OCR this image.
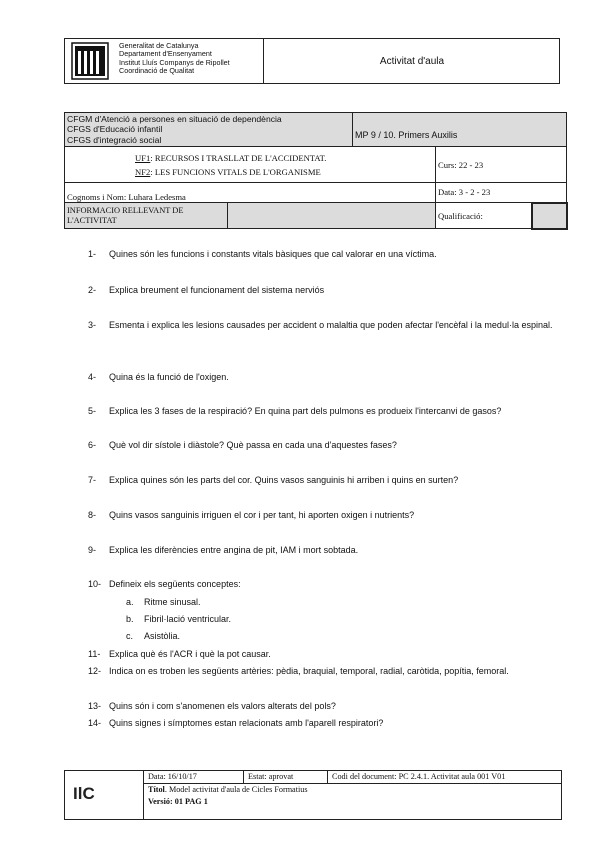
Generalitat de Catalunya
Departament d'Ensenyament
Institut Lluís Companys de Ripollet
Coordinació de Qualitat
Activitat d'aula
CFGM d'Atenció a persones en situació de dependència
CFGS d'Educació infantil
CFGS d'integració social		MP 9 / 10. Primers Auxilis		

UF1: RECURSOS I TRASLLAT DE L'ACCIDENTAT.
NF2: LES FUNCIONS VITALS DE L'ORGANISME			Curs: 22 - 23	
Cognoms i Nom: Luhara Ledesma			Data: 3 - 2 - 23	
INFORMACIO RELLEVANT DE L'ACTIVITAT			Qualificació:	
1- Quines són les funcions i constants vitals bàsiques que cal valorar en una víctima.
2- Explica breument el funcionament del sistema nerviós
3-	Esmenta i explica les lesions causades per accident o malaltia que poden afectar l'encèfal i la medul·la espinal.
4- Quina és la funció de l'oxigen.
5- Explica les 3 fases de la respiració? En quina part dels pulmons es produeix l'intercanvi de gasos?
6- Què vol dir sístole i diàstole? Què passa en cada una d'aquestes fases?
7- Explica quines són les parts del cor. Quins vasos sanguinis hi arriben i quins en surten?
8- Quins vasos sanguinis irriguen el cor i per tant, hi aporten oxigen i nutrients?
9- Explica les diferències entre angina de pit, IAM i mort sobtada.
10- Defineix els següents conceptes:
a. Ritme sinusal.
b. Fibril·lació ventricular.
c. Asistòlia.
11- Explica què és l'ACR i què la pot causar.
12- Indica on es troben les següents artèries: pèdia, braquial, temporal, radial, caròtida, popítia, femoral.
13- Quins són i com s'anomenen els valors alterats del pols?
14- Quins signes i símptomes estan relacionats amb l'aparell respiratori?
IlC
Data: 16/10/17	Estat: aprovat	Codi del document: PC 2.4.1. Activitat aula 001 V01
Títol. Model activitat d'aula de Cicles Formatius
Versió: 01 PAG 1
